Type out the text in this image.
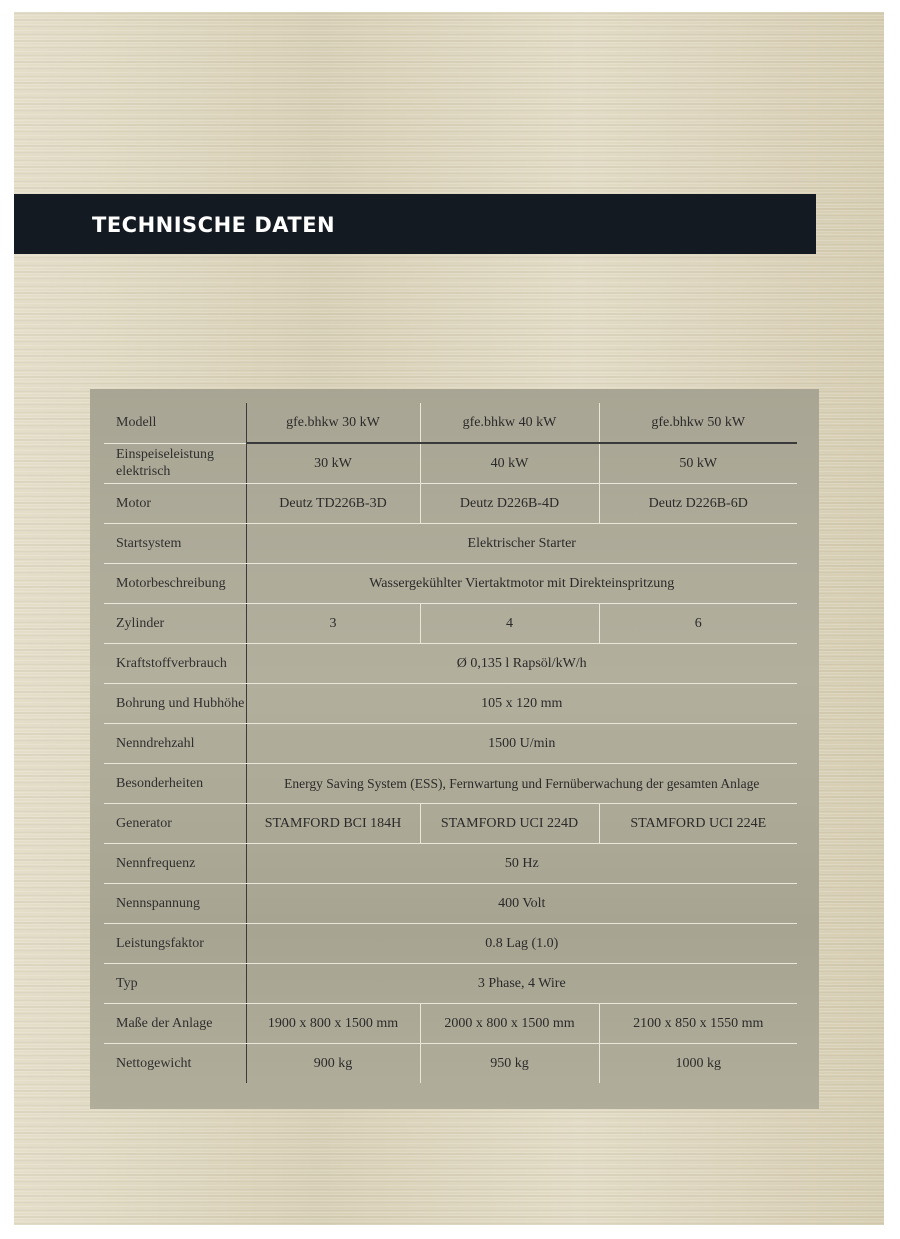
TECHNISCHE DATEN
Modell	gfe.bhkw 30 kW	gfe.bhkw 40 kW	gfe.bhkw 50 kW
Einspeiseleistung elektrisch	30 kW	40 kW	50 kW
Motor	Deutz TD226B-3D	Deutz D226B-4D	Deutz D226B-6D
Startsystem	Elektrischer Starter		
Motorbeschreibung	Wassergekühlter Viertaktmotor mit Direkteinspritzung		
Zylinder	3	4	6
Kraftstoffverbrauch	Ø 0,135 l Rapsöl/kW/h		
Bohrung und Hubhöhe	105 x 120 mm		
Nenndrehzahl	1500 U/min		
Besonderheiten	Energy Saving System (ESS), Fernwartung und Fernüberwachung der gesamten Anlage		
Generator	STAMFORD BCI 184H	STAMFORD UCI 224D	STAMFORD UCI 224E
Nennfrequenz	50 Hz		
Nennspannung	400 Volt		
Leistungsfaktor	0.8 Lag (1.0)		
Typ	3 Phase, 4 Wire		
Maße der Anlage	1900 x 800 x 1500 mm	2000 x 800 x 1500 mm	2100 x 850 x 1550 mm
Nettogewicht	900 kg	950 kg	1000 kg
